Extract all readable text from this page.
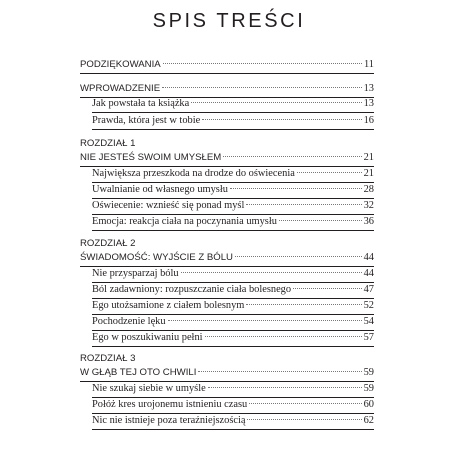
SPIS TREŚCI
PODZIĘKOWANIA	11
WPROWADZENIE	13
Jak powstała ta książka	13
Prawda, która jest w tobie	16
ROZDZIAŁ 1
NIE JESTEŚ SWOIM UMYSŁEM	21
Największa przeszkoda na drodze do oświecenia	21
Uwalnianie od własnego umysłu	28
Oświecenie: wznieść się ponad myśl	32
Emocja: reakcja ciała na poczynania umysłu	36
ROZDZIAŁ 2
ŚWIADOMOŚĆ: WYJŚCIE Z BÓLU	44
Nie przysparzaj bólu	44
Ból zadawniony: rozpuszczanie ciała bolesnego	47
Ego utożsamione z ciałem bolesnym	52
Pochodzenie lęku	54
Ego w poszukiwaniu pełni	57
ROZDZIAŁ 3
W GŁĄB TEJ OTO CHWILI	59
Nie szukaj siebie w umyśle	59
Połóż kres urojonemu istnieniu czasu	60
Nic nie istnieje poza teraźniejszością	62
